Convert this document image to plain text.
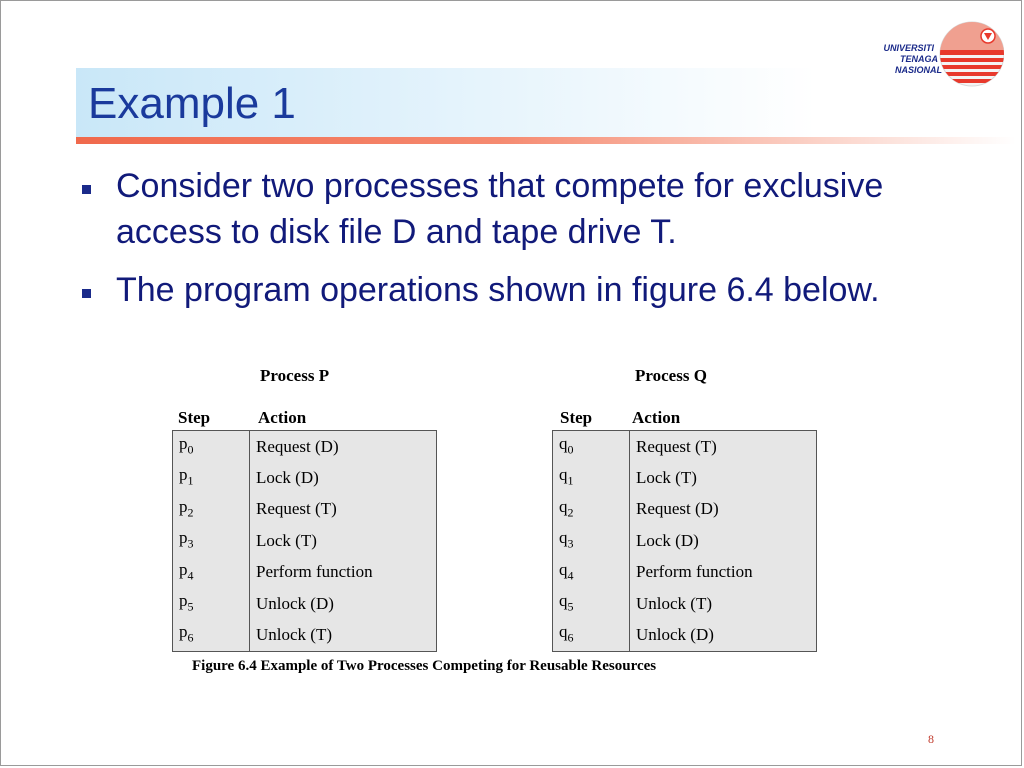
Example 1
UNIVERSITI
TENAGA
NASIONAL
Consider two processes that compete for exclusive access to disk file D and tape drive T.
The program operations shown in figure 6.4 below.
Process P	Process Q
Step	Action	Step Action
$p_0$	Request (D)
$p_1$	Lock (D)
$p_2$	Request (T)
$p_3$	Lock (T)
$p_4$	Perform function
$p_5$	Unlock (D)
$p_6$	Unlock (T)
$q_0$	Request (T)
$q_1$	Lock (T)
$q_2$	Request (D)
$q_3$	Lock (D)
$q_4$	Perform function
$q_5$	Unlock (T)
$q_6$	Unlock (D)
Figure 6.4 Example of Two Processes Competing for Reusable Resources
8
